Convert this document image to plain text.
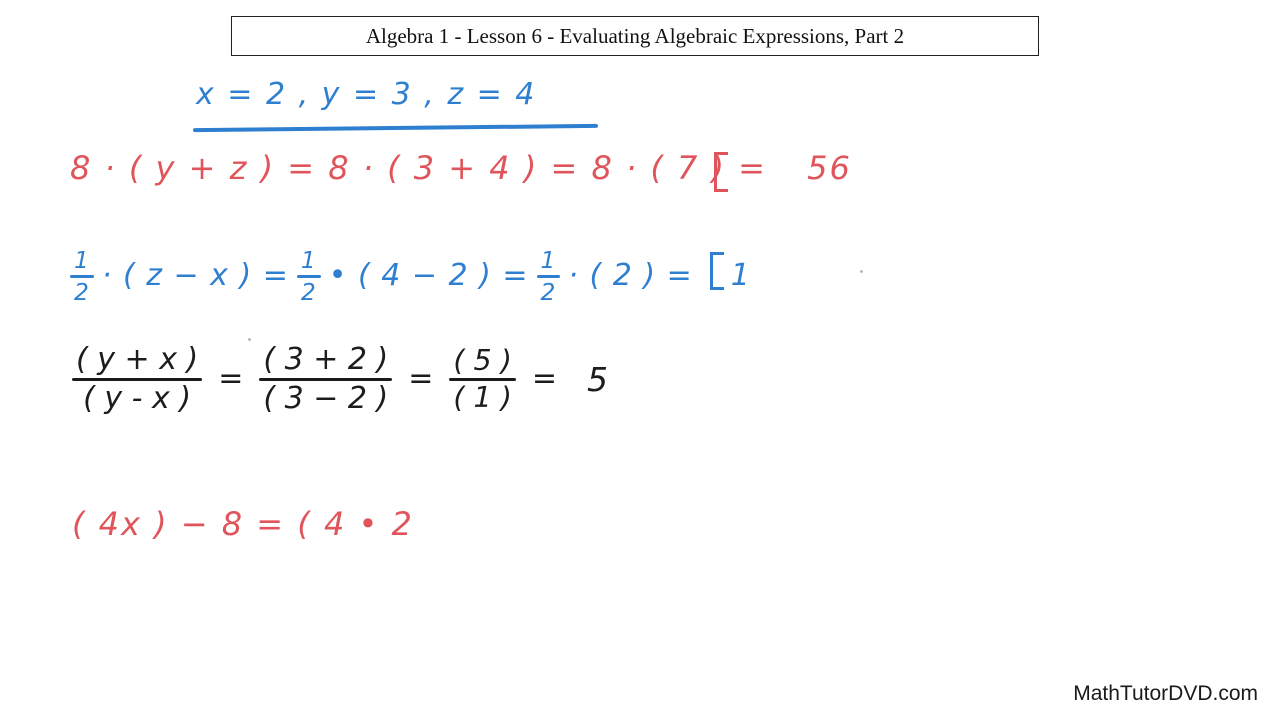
Algebra 1 - Lesson 6 - Evaluating Algebraic Expressions, Part 2
x = 2 , y = 3 , z = 4
8 · ( y + z ) = 8 · ( 3 + 4 ) = 8 · ( 7 ) = 56
$\frac{1}{2}$ · ( z − x ) = $\frac{1}{2}$ • ( 4 − 2 ) = $\frac{1}{2}$ · ( 2 ) =	1
$\frac{( y + x )}{( y - x )} = \frac{( 3 + 2 )}{( 3 - 2 )} = \frac{( 5 )}{( 1 )} = 5$
( 4x ) − 8 = ( 4 • 2
MathTutorDVD.com
